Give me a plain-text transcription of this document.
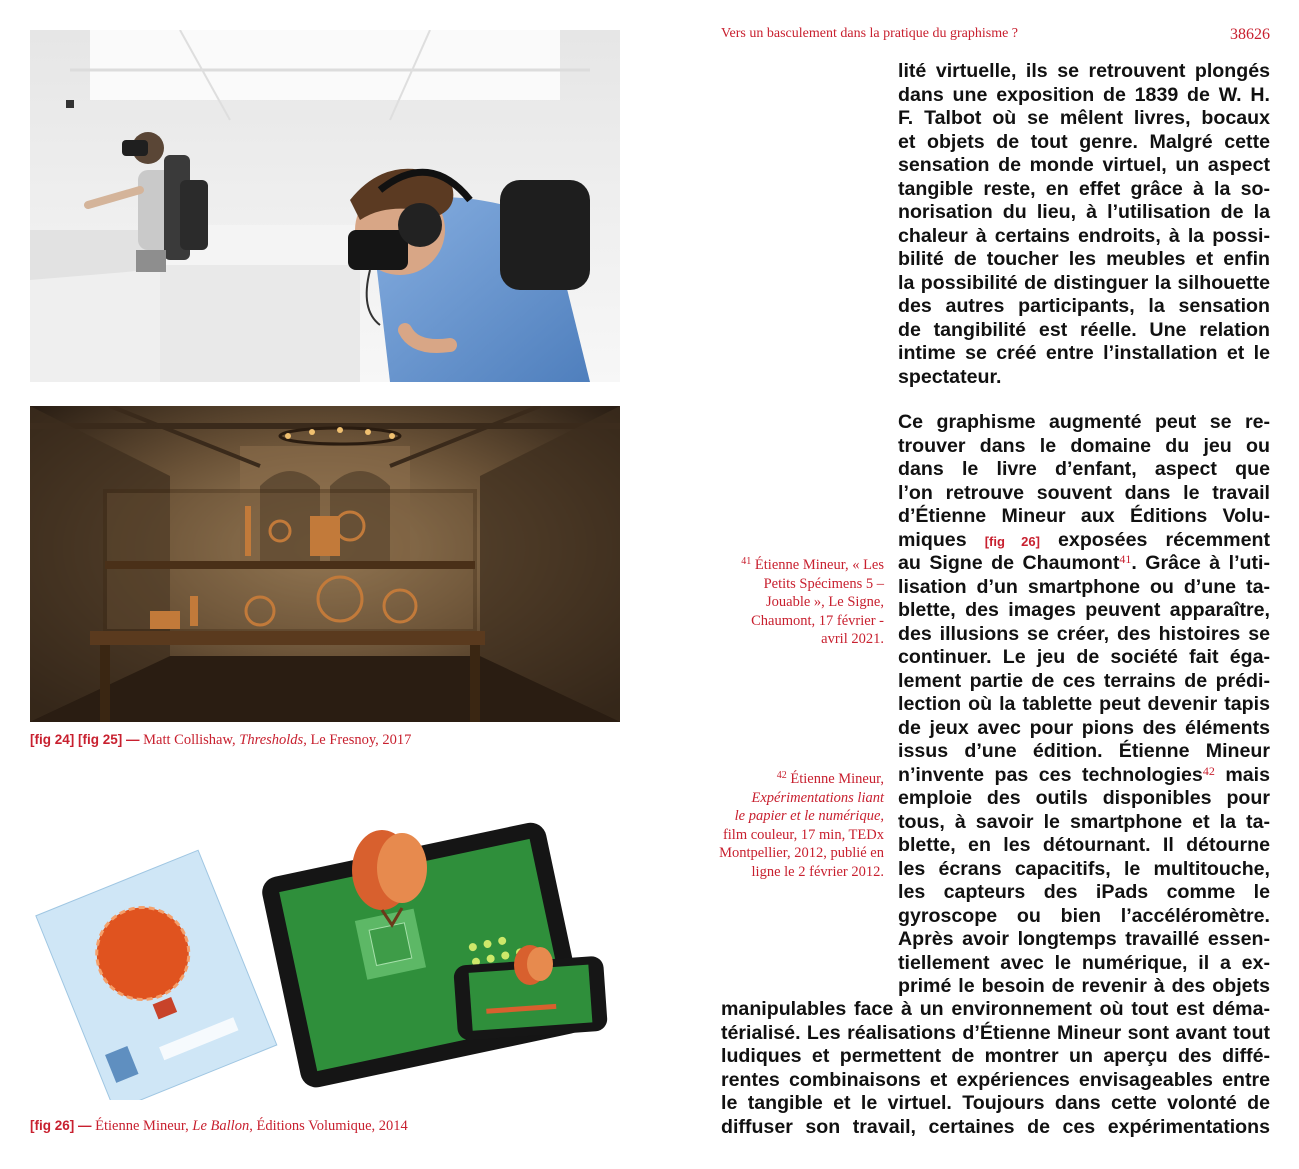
Vers un basculement dans la pratique du graphisme ?	38626
[fig 24] [fig 25] — Matt Collishaw, Thresholds, Le Fresnoy, 2017
[fig 26] — Étienne Mineur, Le Ballon, Éditions Volumique, 2014
lité virtuelle, ils se retrouvent plongés
dans une exposition de 1839 de W. H.
F. Talbot où se mêlent livres, bocaux
et objets de tout genre. Malgré cette
sensation de monde virtuel, un aspect
tangible reste, en effet grâce à la so-
norisation du lieu, à l’utilisation de la
chaleur à certains endroits, à la possi-
bilité de toucher les meubles et enfin
la possibilité de distinguer la silhouette
des autres participants, la sensation
de tangibilité est réelle. Une relation
intime se créé entre l’installation et le
spectateur.
Ce graphisme augmenté peut se re-
trouver dans le domaine du jeu ou
dans le livre d’enfant, aspect que
l’on retrouve souvent dans le travail
d’Étienne Mineur aux Éditions Volu-
miques [fig 26] exposées récemment
au Signe de Chaumont$^{41}$. Grâce à l’uti-
lisation d’un smartphone ou d’une ta-
blette, des images peuvent apparaître,
des illusions se créer, des histoires se
continuer. Le jeu de société fait éga-
lement partie de ces terrains de prédi-
lection où la tablette peut devenir tapis
de jeux avec pour pions des éléments
issus d’une édition. Étienne Mineur
n’invente pas ces technologies$^{42}$ mais
emploie des outils disponibles pour
tous, à savoir le smartphone et la ta-
blette, en les détournant. Il détourne
les écrans capacitifs, le multitouche,
les capteurs des iPads comme le
gyroscope ou bien l’accéléromètre.
Après avoir longtemps travaillé essen-
tiellement avec le numérique, il a ex-
primé le besoin de revenir à des objets
manipulables face à un environnement où tout est déma-
térialisé. Les réalisations d’Étienne Mineur sont avant tout
ludiques et permettent de montrer un aperçu des diffé-
rentes combinaisons et expériences envisageables entre
le tangible et le virtuel. Toujours dans cette volonté de
diffuser son travail, certaines de ces expérimentations
$^{41}$ Étienne Mineur, « Les
Petits Spécimens 5 –
Jouable », Le Signe,
Chaumont, 17 février -
avril 2021.
$^{42}$ Étienne Mineur,
Expérimentations liant
le papier et le numérique,
film couleur, 17 min, TEDx
Montpellier, 2012, publié en
ligne le 2 février 2012.
